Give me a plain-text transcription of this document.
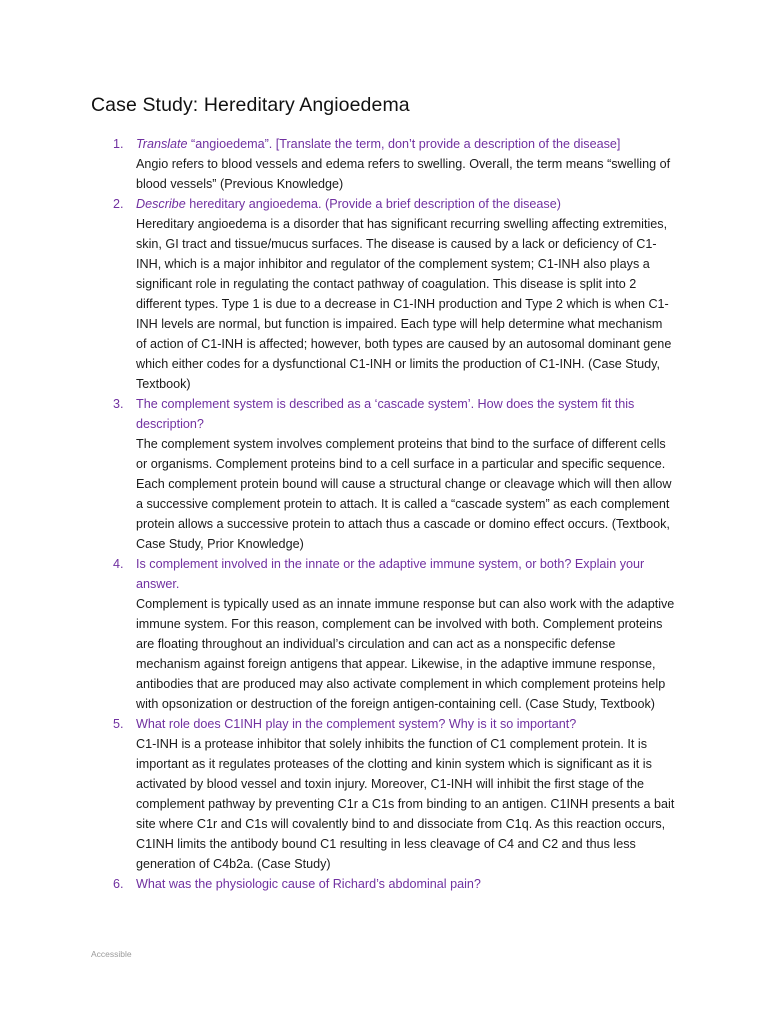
Case Study: Hereditary Angioedema
1. Translate “angioedema”. [Translate the term, don’t provide a description of the disease]
Angio refers to blood vessels and edema refers to swelling. Overall, the term means “swelling of blood vessels” (Previous Knowledge)
2. Describe hereditary angioedema. (Provide a brief description of the disease)
Hereditary angioedema is a disorder that has significant recurring swelling affecting extremities, skin, GI tract and tissue/mucus surfaces. The disease is caused by a lack or deficiency of C1-INH, which is a major inhibitor and regulator of the complement system; C1-INH also plays a significant role in regulating the contact pathway of coagulation. This disease is split into 2 different types. Type 1 is due to a decrease in C1-INH production and Type 2 which is when C1-INH levels are normal, but function is impaired. Each type will help determine what mechanism of action of C1-INH is affected; however, both types are caused by an autosomal dominant gene which either codes for a dysfunctional C1-INH or limits the production of C1-INH. (Case Study, Textbook)
3. The complement system is described as a ‘cascade system’. How does the system fit this description?
The complement system involves complement proteins that bind to the surface of different cells or organisms. Complement proteins bind to a cell surface in a particular and specific sequence. Each complement protein bound will cause a structural change or cleavage which will then allow a successive complement protein to attach. It is called a “cascade system” as each complement protein allows a successive protein to attach thus a cascade or domino effect occurs. (Textbook, Case Study, Prior Knowledge)
4. Is complement involved in the innate or the adaptive immune system, or both? Explain your answer.
Complement is typically used as an innate immune response but can also work with the adaptive immune system. For this reason, complement can be involved with both. Complement proteins are floating throughout an individual’s circulation and can act as a nonspecific defense mechanism against foreign antigens that appear. Likewise, in the adaptive immune response, antibodies that are produced may also activate complement in which complement proteins help with opsonization or destruction of the foreign antigen-containing cell. (Case Study, Textbook)
5. What role does C1INH play in the complement system? Why is it so important?
C1-INH is a protease inhibitor that solely inhibits the function of C1 complement protein. It is important as it regulates proteases of the clotting and kinin system which is significant as it is activated by blood vessel and toxin injury. Moreover, C1-INH will inhibit the first stage of the complement pathway by preventing C1r a C1s from binding to an antigen. C1INH presents a bait site where C1r and C1s will covalently bind to and dissociate from C1q. As this reaction occurs, C1INH limits the antibody bound C1 resulting in less cleavage of C4 and C2 and thus less generation of C4b2a. (Case Study)
6. What was the physiologic cause of Richard’s abdominal pain?
Accessible
